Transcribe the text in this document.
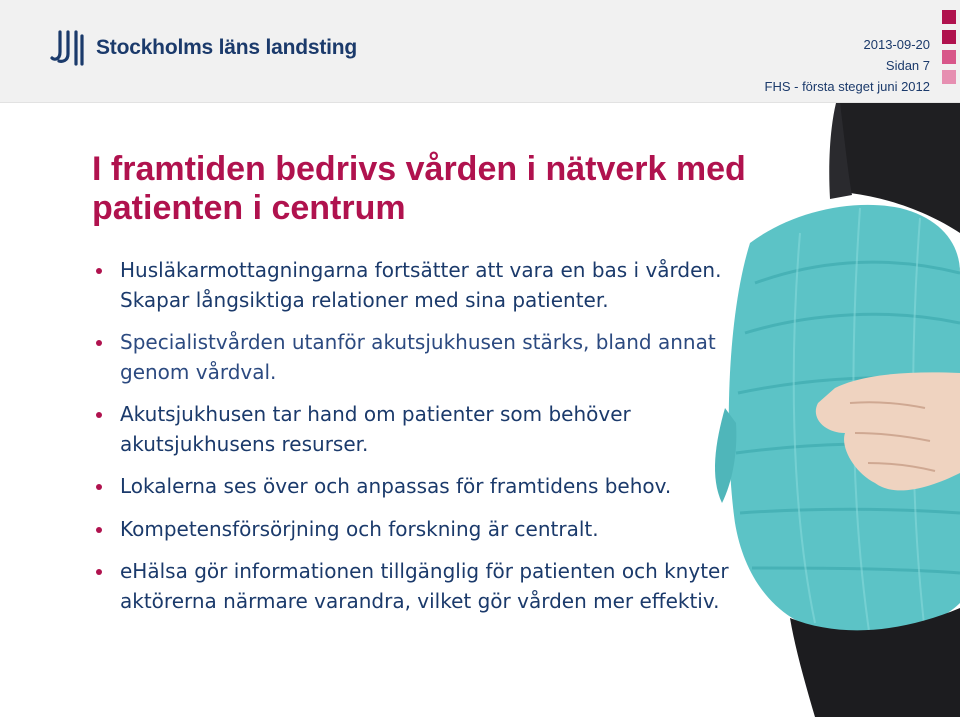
Stockholms läns landsting	2013-09-20
Sidan 7
FHS - första steget juni 2012
I framtiden bedrivs vården i nätverk med patienten i centrum
Husläkarmottagningarna fortsätter att vara en bas i vården. Skapar långsiktiga relationer med sina patienter.
Specialistvården utanför akutsjukhusen stärks, bland annat genom vårdval.
Akutsjukhusen tar hand om patienter som behöver akutsjukhusens resurser.
Lokalerna ses över och anpassas för framtidens behov.
Kompetensförsörjning och forskning är centralt.
eHälsa gör informationen tillgänglig för patienten och knyter aktörerna närmare varandra, vilket gör vården mer effektiv.
